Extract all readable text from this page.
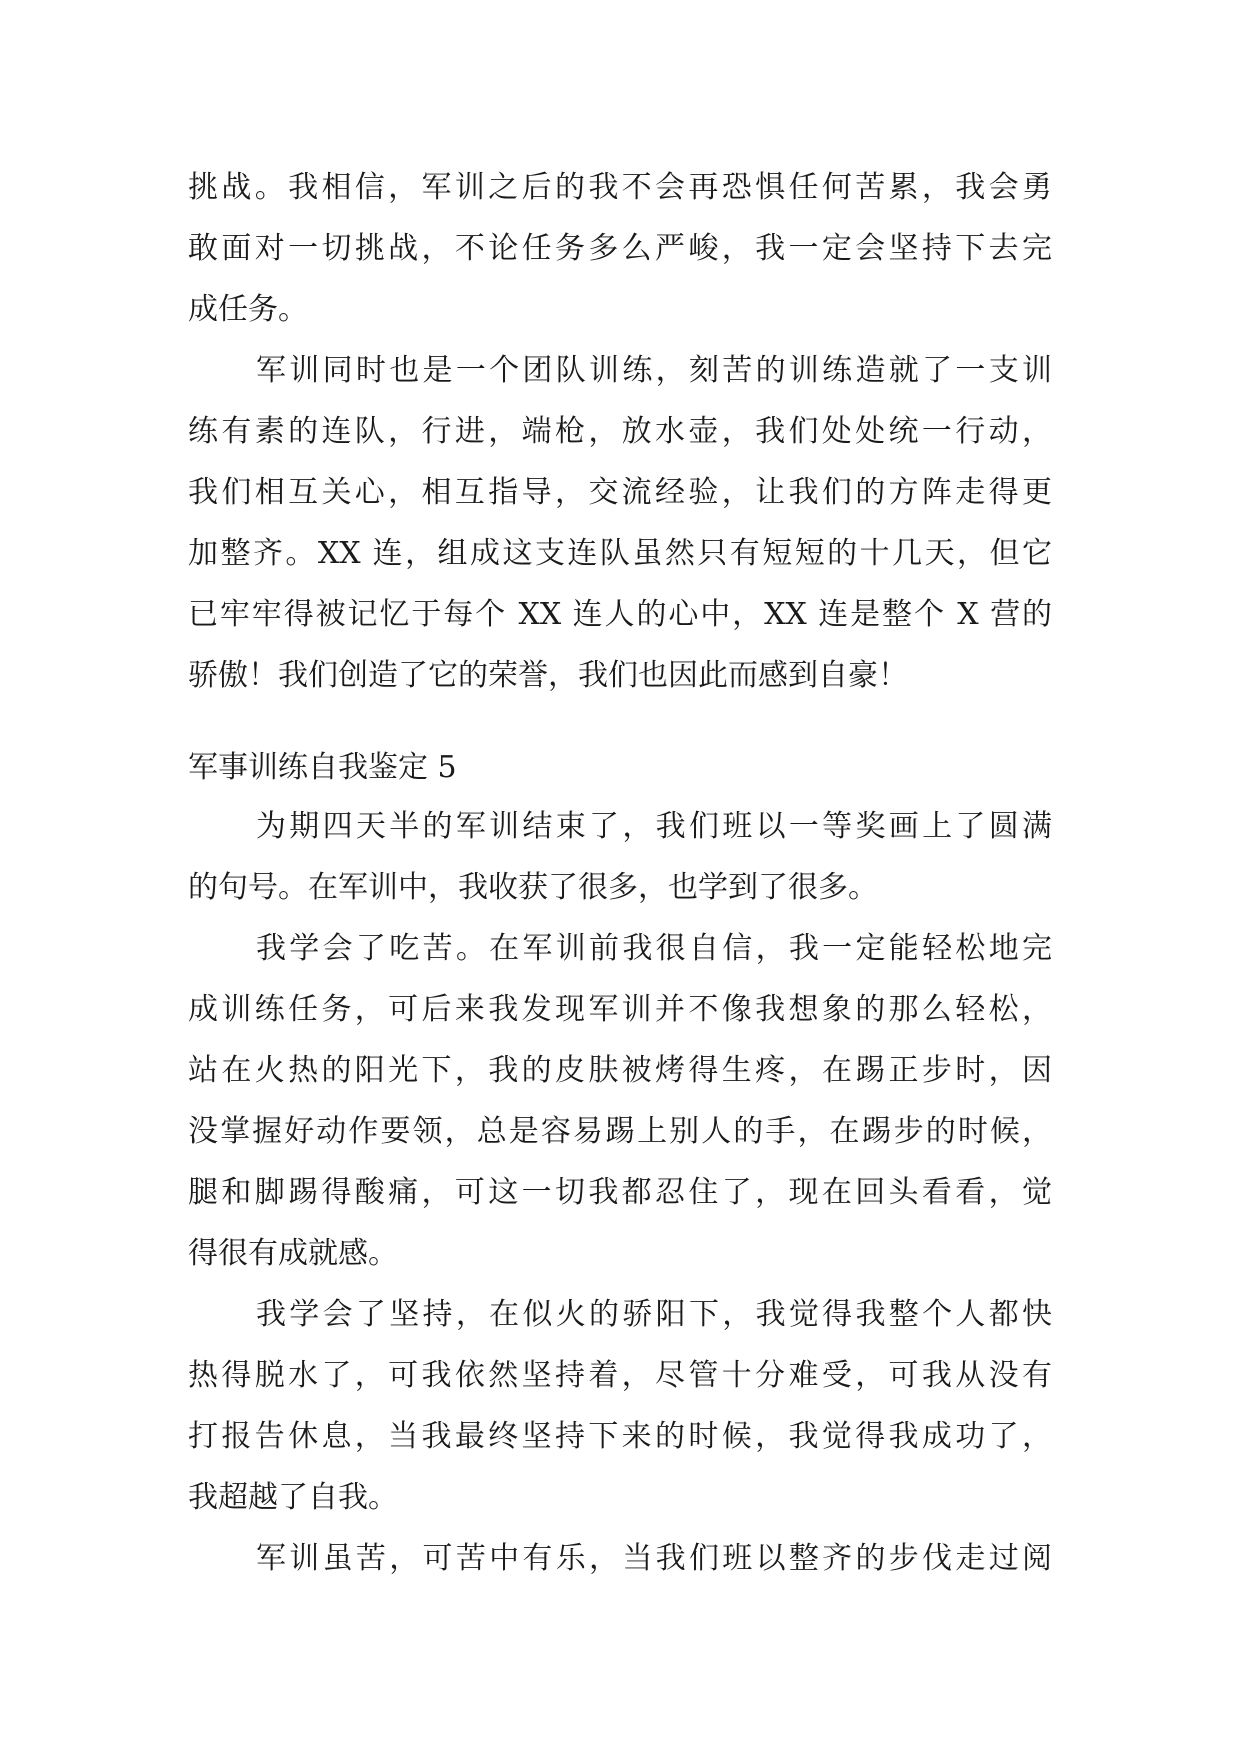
挑战。我相信，军训之后的我不会再恐惧任何苦累，我会勇
敢面对一切挑战，不论任务多么严峻，我一定会坚持下去完
成任务。
军训同时也是一个团队训练，刻苦的训练造就了一支训
练有素的连队，行进，端枪，放水壶，我们处处统一行动，
我们相互关心，相互指导，交流经验，让我们的方阵走得更
加整齐。XX 连，组成这支连队虽然只有短短的十几天，但它
已牢牢得被记忆于每个 XX 连人的心中，XX 连是整个 X 营的
骄傲！我们创造了它的荣誉，我们也因此而感到自豪！
军事训练自我鉴定 5
为期四天半的军训结束了，我们班以一等奖画上了圆满
的句号。在军训中，我收获了很多，也学到了很多。
我学会了吃苦。在军训前我很自信，我一定能轻松地完
成训练任务，可后来我发现军训并不像我想象的那么轻松，
站在火热的阳光下，我的皮肤被烤得生疼，在踢正步时，因
没掌握好动作要领，总是容易踢上别人的手，在踢步的时候，
腿和脚踢得酸痛，可这一切我都忍住了，现在回头看看，觉
得很有成就感。
我学会了坚持，在似火的骄阳下，我觉得我整个人都快
热得脱水了，可我依然坚持着，尽管十分难受，可我从没有
打报告休息，当我最终坚持下来的时候，我觉得我成功了，
我超越了自我。
军训虽苦，可苦中有乐，当我们班以整齐的步伐走过阅
